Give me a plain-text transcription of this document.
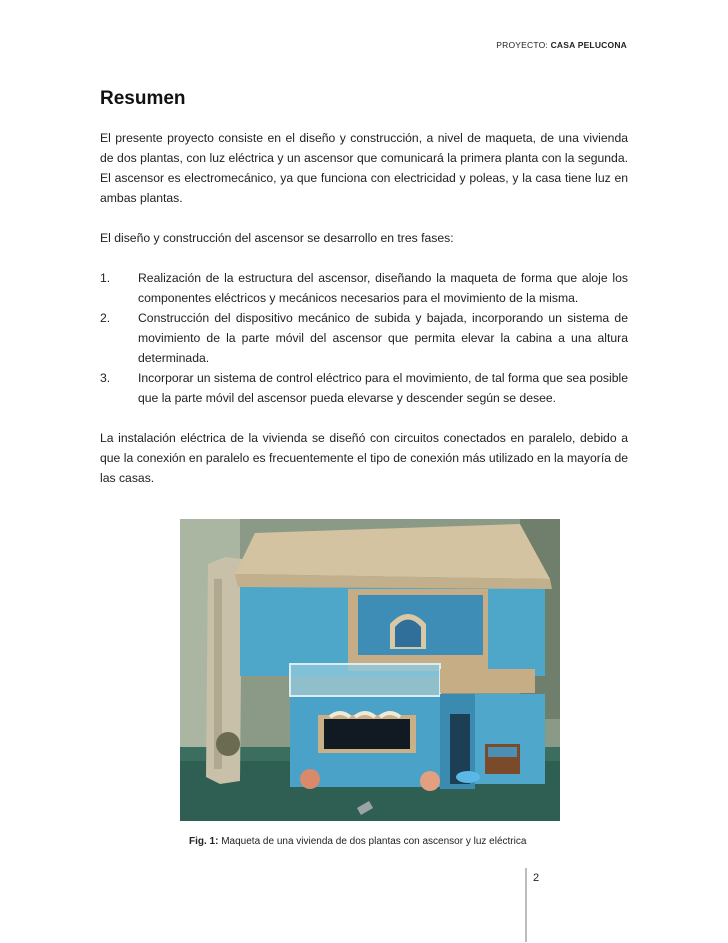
PROYECTO: CASA PELUCONA
Resumen

El presente proyecto consiste en el diseño y construcción, a nivel de maqueta, de una vivienda de dos plantas, con luz eléctrica y un ascensor que comunicará la primera planta con la segunda. El ascensor es electromecánico, ya que funciona con electricidad y poleas, y la casa tiene luz en ambas plantas.

El diseño y construcción del ascensor se desarrollo en tres fases:

1. Realización de la estructura del ascensor, diseñando la maqueta de forma que aloje los componentes eléctricos y mecánicos necesarios para el movimiento de la misma.
2. Construcción del dispositivo mecánico de subida y bajada, incorporando un sistema de movimiento de la parte móvil del ascensor que permita elevar la cabina a una altura determinada.
3. Incorporar un sistema de control eléctrico para el movimiento, de tal forma que sea posible que la parte móvil del ascensor pueda elevarse y descender según se desee.

La instalación eléctrica de la vivienda se diseñó con circuitos conectados en paralelo, debido a que la conexión en paralelo es frecuentemente el tipo de conexión más utilizado en la mayoría de las casas.

Fig. 1: Maqueta de una vivienda de dos plantas con ascensor y luz eléctrica
2
